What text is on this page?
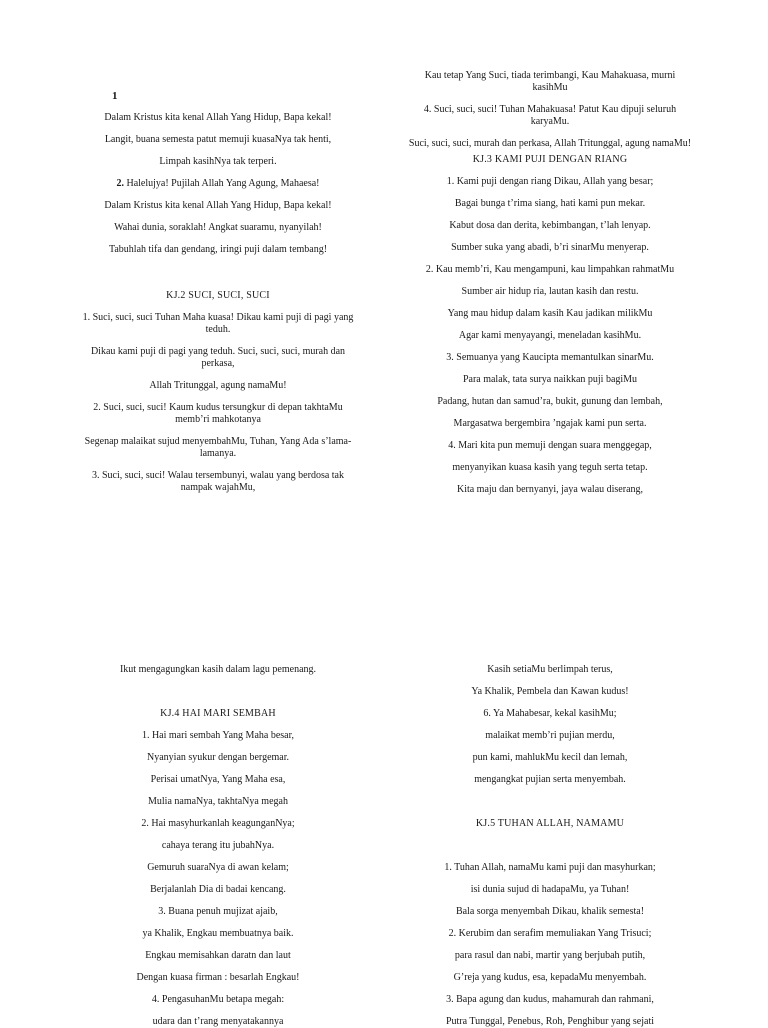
Dalam Kristus kita kenal Allah Yang Hidup, Bapa kekal!

Langit, buana semesta patut memuji kuasaNya tak henti,

Limpah kasihNya tak terperi.

2. Halelujya! Pujilah Allah Yang Agung, Mahaesa!

Dalam Kristus kita kenal Allah Yang Hidup, Bapa kekal!

Wahai dunia, soraklah! Angkat suaramu, nyanyilah!

Tabuhlah tifa dan gendang, iringi puji dalam tembang!

KJ.2 SUCI, SUCI, SUCI

1. Suci, suci, suci Tuhan Maha kuasa! Dikau kami puji di pagi yang teduh.

Dikau kami puji di pagi yang teduh. Suci, suci, suci, murah dan perkasa,

Allah Tritunggal, agung namaMu!

2. Suci, suci, suci! Kaum kudus tersungkur di depan takhtaMu memb’ri mahkotanya

Segenap malaikat sujud menyembahMu, Tuhan, Yang Ada s’lama-lamanya.

3. Suci, suci, suci! Walau tersembunyi, walau yang berdosa tak nampak wajahMu,

1

Kau tetap Yang Suci, tiada terimbangi, Kau Mahakuasa, murni kasihMu

4. Suci, suci, suci! Tuhan Mahakuasa! Patut Kau dipuji seluruh karyaMu.

Suci, suci, suci, murah dan perkasa, Allah Tritunggal, agung namaMu!

KJ.3 KAMI PUJI DENGAN RIANG

1. Kami puji dengan riang Dikau, Allah yang besar;

Bagai bunga t’rima siang, hati kami pun mekar.

Kabut dosa dan derita, kebimbangan, t’lah lenyap.

Sumber suka yang abadi, b’ri sinarMu menyerap.

2. Kau memb’ri, Kau mengampuni, kau limpahkan rahmatMu

Sumber air hidup ria, lautan kasih dan restu.

Yang mau hidup dalam kasih Kau jadikan milikMu

Agar kami menyayangi, meneladan kasihMu.

3. Semuanya yang Kaucipta memantulkan sinarMu.

Para malak, tata surya naikkan puji bagiMu

Padang, hutan dan samud’ra, bukit, gunung dan lembah,

Margasatwa bergembira ’ngajak kami pun serta.

4. Mari kita pun memuji dengan suara menggegap,

menyanyikan kuasa kasih yang teguh serta tetap.

Kita maju dan bernyanyi, jaya walau diserang,

Ikut mengagungkan kasih dalam lagu pemenang.

KJ.4 HAI MARI SEMBAH

1. Hai mari sembah Yang Maha besar,

Nyanyian syukur dengan bergemar.

Perisai umatNya, Yang Maha esa,

Mulia namaNya, takhtaNya megah

2. Hai masyhurkanlah keagunganNya;

cahaya terang itu jubahNya.

Gemuruh suaraNya di awan kelam;

Berjalanlah Dia di badai kencang.

3. Buana penuh mujizat ajaib,

ya Khalik, Engkau membuatnya baik.

Engkau memisahkan daratn dan laut

Dengan kuasa firman : besarlah Engkau!

4. PengasuhanMu betapa megah:

udara dan t’rang menyatakannya

Kasih setiaMu berlimpah terus,

Ya Khalik, Pembela dan Kawan kudus!

6. Ya Mahabesar, kekal kasihMu;

malaikat memb’ri pujian merdu,

pun kami, mahlukMu kecil dan lemah,

mengangkat pujian serta menyembah.

KJ.5 TUHAN ALLAH, NAMAMU

1. Tuhan Allah, namaMu kami puji dan masyhurkan;

isi dunia sujud di hadapaMu, ya Tuhan!

Bala sorga menyembah Dikau, khalik semesta!

2. Kerubim dan serafim memuliakan Yang Trisuci;

para rasul dan nabi, martir yang berjubah putih,

G’reja yang kudus, esa, kepadaMu menyembah.

3. Bapa agung dan kudus, mahamurah dan rahmani,

Putra Tunggal, Penebus, Roh, Penghibur yang sejati
